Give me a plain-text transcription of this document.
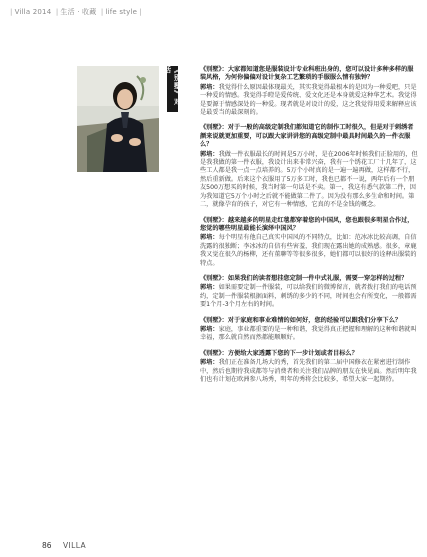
| Villa 2014 | 生活 · 收藏 | life style |
《别墅》对话	《别墅》：大家都知道您是服装设计专业科班出身的，您可以设计多种多样的服装风格，为何你偏偏对设计复杂工艺繁琐的手服服么情有独钟？

郭培：我觉得什么原因最体现最关，其实我觉得最根本的是因为一种爱吧，只是一种爱的情感。我觉得手瞪是爱传统、爱文化还是本身就爱这种华艺术。我觉得是要源于情感深处的一种爱。现者就是对设计的爱，这之我觉得用爱来解释应该是最妥当的最深刻的。

《别墅》：对于一般的高级定制我们都知道它的制作工时很久，但是对于刺绣者颜来说就更加重要，可以跟大家讲讲您的高级定制中最具时间最久的一件衣服么？

郭培：我做一件衣服最长的时间是5万小时，是在2006年时候我们正脸用的，但是我我做的第一件衣服，我设计出来非常兴奋，我有一个绣花工厂十几年了，这些工人都是我一点一点培养的。5万个小时真的是一遍一遍再做，这样都不行，然后重新做。后来这个衣服用了5万多工时，我也已都不一说，两年后有一个朋友500万想买的时候，我当时第一句话是不卖。第一，我这有悉气款第二件，因为我知道它5万个小时之后就不能做第二件了。因为没有那么多生命和时间。第二，就像孕育的孩子，对它有一种情感，它真的不是金钱的概念。

《别墅》：越来越多的明星走红毯都穿着您的中国风，您也跟很多明星合作过，您觉的哪些明星最能长演绎中国风？

郭培：每个明星有他自己真实中国风的不同特点，比如：范冰冰比较高调，自信洗露的很独断；李冰冰的自信有些害羞，我们现在露出她的成熟感。很多，章鹿我又觉在很久的杨柳，还有董聊等等很多很多，她们都可以很好的诠释出服装的特点。

《别墅》：如果我们的读者想挂您定制一件中式礼服，需要一穿怎样的过程？

郭培：如果需要定制一件服装，可以给我们的微博留言，就者拨打我们的电话预约，定制一件服装根据面料，刺绣的多少的不同，时间也会有所变化，一般都需要1个月-3个月左右的时间。

《别墅》：对于家庭和事业难情的如何好，您的经验可以跟我们分享下么？

郭培：家庭，事业都重要的是一种和谐，我觉得真正把握和理解的这种和谐就叫幸福，那么就自然而然都能顺顺好。

《别墅》：方便给大家透露下您的下一步计划或者目标么？

郭培：我们正在准备几场大的秀，首先我们的第二届中国修衣在紧密进行制作中，然后也期待我成都等与消费者和关注我们品牌的朋友在快见面。然后明年我们也有计划在欧洲参八场秀，明年的秀将会比较多，希望大家一起期待。

86 VILLA
